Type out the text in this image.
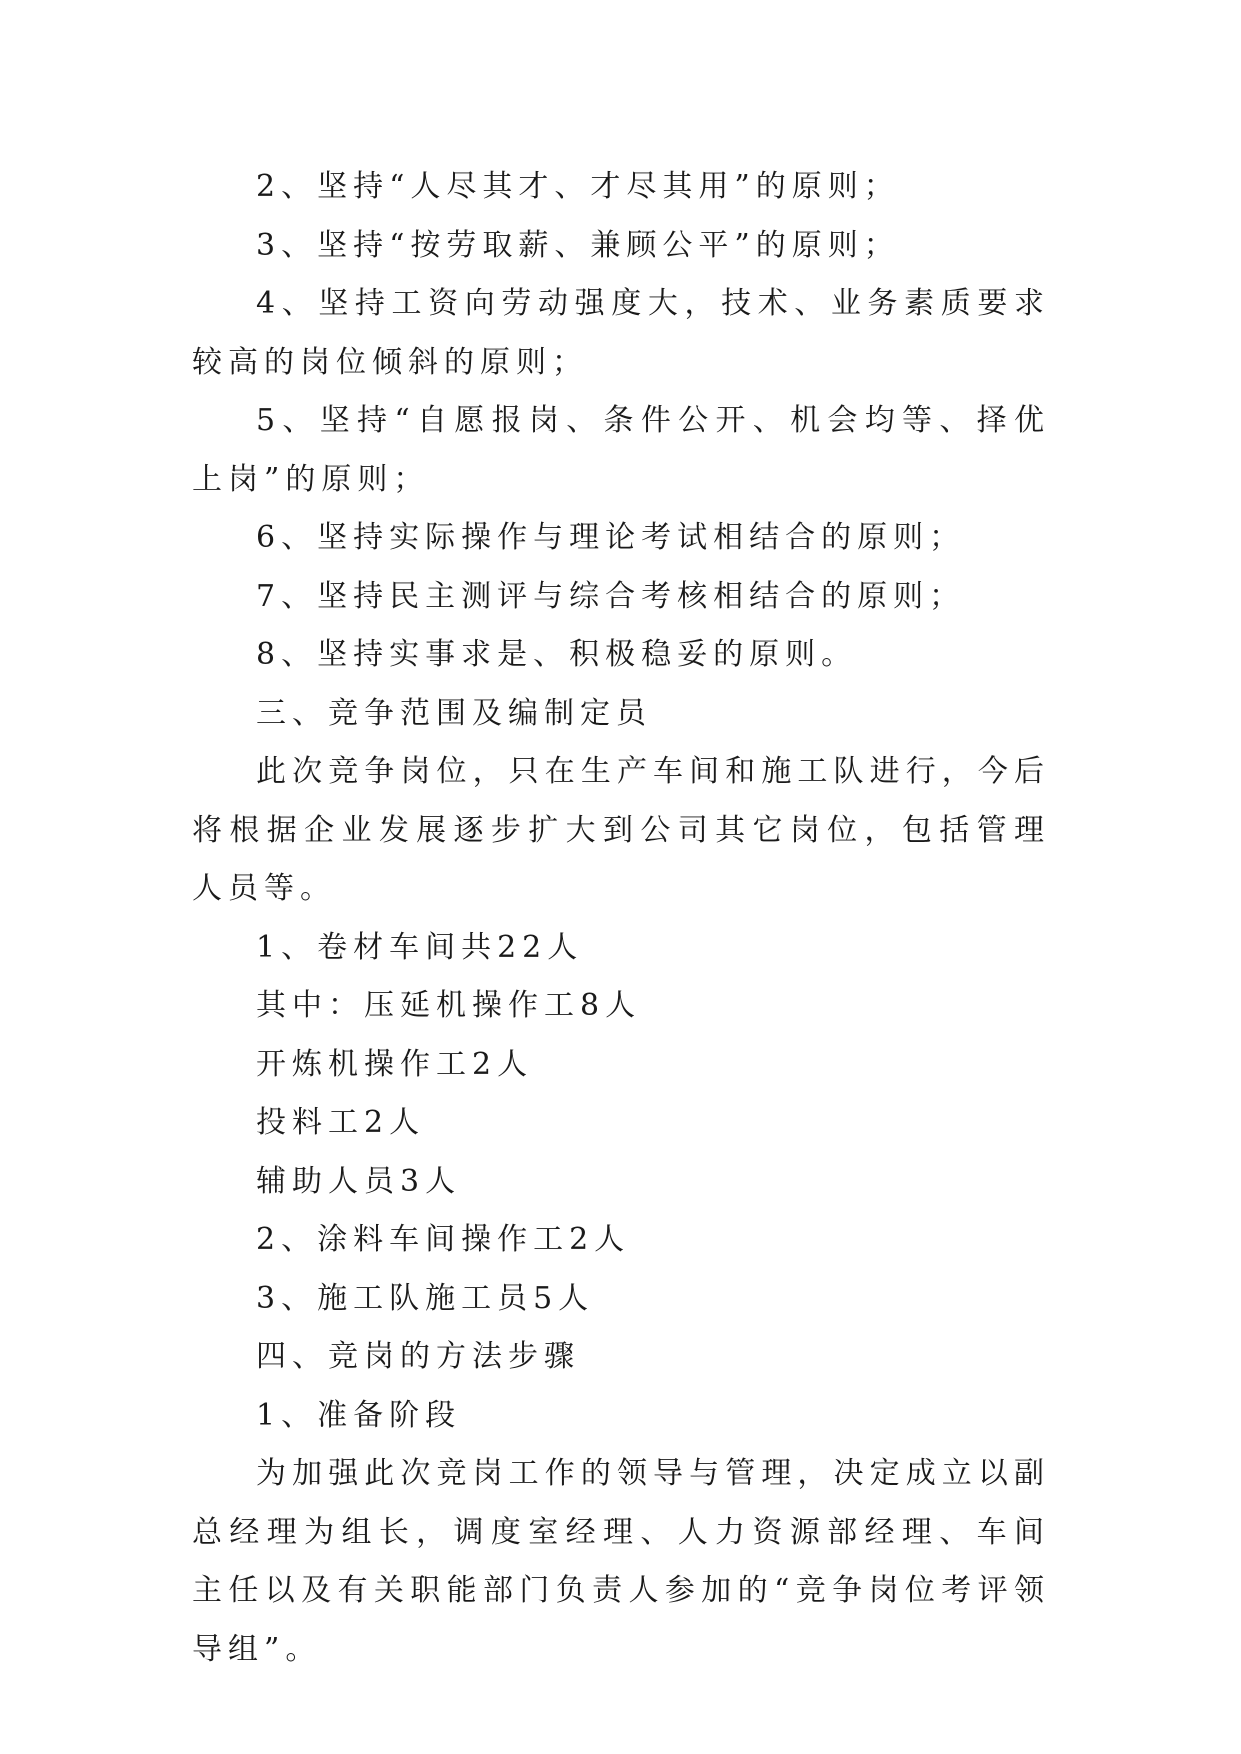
2、坚持“人尽其才、才尽其用”的原则；

3、坚持“按劳取薪、兼顾公平”的原则；

4、坚持工资向劳动强度大，技术、业务素质要求较高的岗位倾斜的原则；

5、坚持“自愿报岗、条件公开、机会均等、择优上岗”的原则；

6、坚持实际操作与理论考试相结合的原则；

7、坚持民主测评与综合考核相结合的原则；

8、坚持实事求是、积极稳妥的原则。

三、竞争范围及编制定员

此次竞争岗位，只在生产车间和施工队进行，今后将根据企业发展逐步扩大到公司其它岗位，包括管理人员等。

1、卷材车间共22人

其中：压延机操作工8人

开炼机操作工2人

投料工2人

辅助人员3人

2、涂料车间操作工2人

3、施工队施工员5人

四、竞岗的方法步骤

1、准备阶段

为加强此次竞岗工作的领导与管理，决定成立以副总经理为组长，调度室经理、人力资源部经理、车间主任以及有关职能部门负责人参加的“竞争岗位考评领导组”。
